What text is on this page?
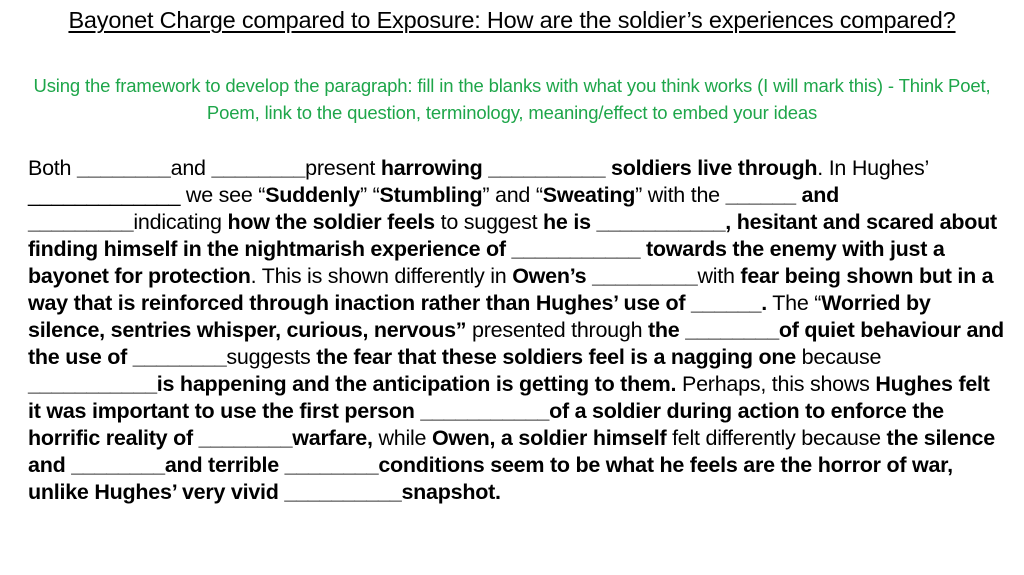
Bayonet Charge compared to Exposure: How are the soldier’s experiences compared?
Using the framework to develop the paragraph: fill in the blanks with what you think works (I will mark this) - Think Poet, Poem, link to the question, terminology, meaning/effect to embed your ideas
Both ________and ________present harrowing __________ soldiers live through. In Hughes’ _____________ we see “Suddenly” “Stumbling” and “Sweating” with the ______ and _________indicating how the soldier feels to suggest he is ___________, hesitant and scared about finding himself in the nightmarish experience of ___________ towards the enemy with just a bayonet for protection. This is shown differently in Owen’s _________with fear being shown but in a way that is reinforced through inaction rather than Hughes’ use of ______. The “Worried by silence, sentries whisper, curious, nervous” presented through the ________of quiet behaviour and the use of ________suggests the fear that these soldiers feel is a nagging one because ___________is happening and the anticipation is getting to them. Perhaps, this shows Hughes felt it was important to use the first person ___________of a soldier during action to enforce the horrific reality of ________warfare, while Owen, a soldier himself felt differently because the silence and ________and terrible ________conditions seem to be what he feels are the horror of war, unlike Hughes’ very vivid __________snapshot.
